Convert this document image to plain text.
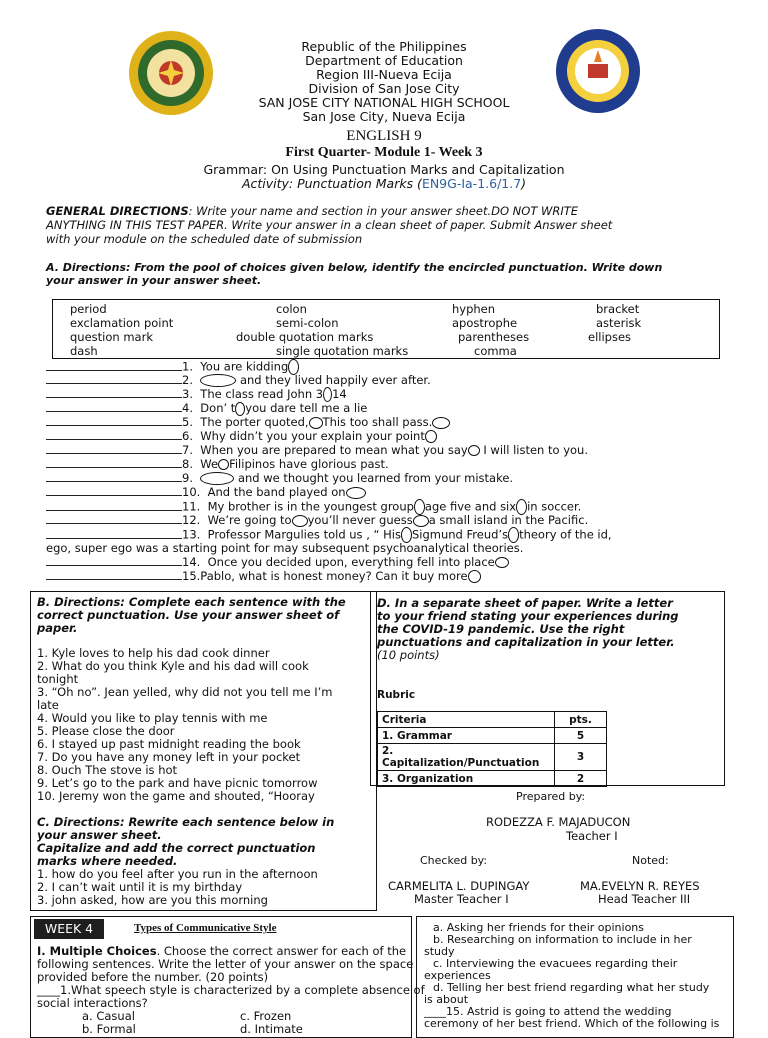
Republic of the Philippines
Department of Education
Region III-Nueva Ecija
Division of San Jose City
SAN JOSE CITY NATIONAL HIGH SCHOOL
San Jose City, Nueva Ecija
ENGLISH 9
First Quarter- Module 1- Week 3
Grammar: On Using Punctuation Marks and Capitalization
Activity: Punctuation Marks (EN9G-Ia-1.6/1.7)
GENERAL DIRECTIONS: Write your name and section in your answer sheet.DO NOT WRITE
ANYTHING IN THIS TEST PAPER. Write your answer in a clean sheet of paper. Submit Answer sheet
with your module on the scheduled date of submission
A. Directions: From the pool of choices given below, identify the encircled punctuation. Write down
your answer in your answer sheet.
period	colon	hyphen	bracket
exclamation point	semi-colon	apostrophe	asterisk
question mark	double quotation marks	parentheses	ellipses
dash	single quotation marks	comma
1. You are kidding
2.	and they lived happily ever after.
3. The class read John 3 14
4. Don’ t you dare tell me a lie
5. The porter quoted, This too shall pass.
6. Why didn’t you your explain your point
7. When you are prepared to mean what you say I will listen to you.
8. We Filipinos have glorious past.
9.	and we thought you learned from your mistake.
10. And the band played on
11. My brother is in the youngest group age five and six in soccer.
12. We’re going to you’ll never guess a small island in the Pacific.
13. Professor Margulies told us , “ His Sigmund Freud’s theory of the id,
ego, super ego was a starting point for may subsequent psychoanalytical theories.
14. Once you decided upon, everything fell into place
15.Pablo, what is honest money? Can it buy more
B. Directions: Complete each sentence with the
correct punctuation. Use your answer sheet of
paper.
1. Kyle loves to help his dad cook dinner
2. What do you think Kyle and his dad will cook
tonight
3. “Oh no”. Jean yelled, why did not you tell me I’m
late
4. Would you like to play tennis with me
5. Please close the door
6. I stayed up past midnight reading the book
7. Do you have any money left in your pocket
8. Ouch The stove is hot
9. Let’s go to the park and have picnic tomorrow
10. Jeremy won the game and shouted, “Hooray
C. Directions: Rewrite each sentence below in
your answer sheet.
Capitalize and add the correct punctuation
marks where needed.
1. how do you feel after you run in the afternoon
2. I can’t wait until it is my birthday
3. john asked, how are you this morning
D. In a separate sheet of paper. Write a letter
to your friend stating your experiences during
the COVID-19 pandemic. Use the right
punctuations and capitalization in your letter.
(10 points)
Rubric
Criteria	pts.
1. Grammar	5
2. Capitalization/Punctuation	3
3. Organization	2
Prepared by:
RODEZZA F. MAJADUCON
Teacher I
Checked by:	Noted:
CARMELITA L. DUPINGAY
Master Teacher I
MA.EVELYN R. REYES
Head Teacher III
WEEK 4	Types of Communicative Style
I. Multiple Choices. Choose the correct answer for each of the
following sentences. Write the letter of your answer on the space
provided before the number. (20 points)
____1.What speech style is characterized by a complete absence of
social interactions?
a. Casual	c. Frozen
b. Formal	d. Intimate
a. Asking her friends for their opinions
b. Researching on information to include in her
study
c. Interviewing the evacuees regarding their
experiences
d. Telling her best friend regarding what her study
is about
____15. Astrid is going to attend the wedding
ceremony of her best friend. Which of the following is
